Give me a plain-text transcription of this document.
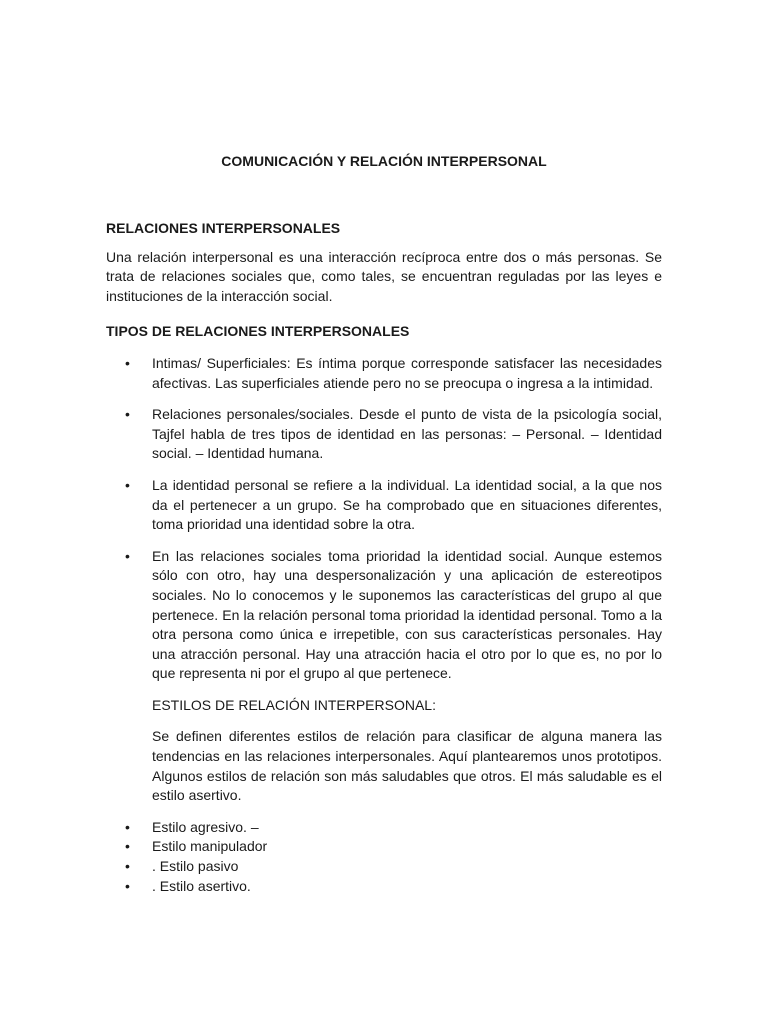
COMUNICACIÓN Y RELACIÓN INTERPERSONAL
RELACIONES INTERPERSONALES

Una relación interpersonal es una interacción recíproca entre dos o más personas. Se trata de relaciones sociales que, como tales, se encuentran reguladas por las leyes e instituciones de la interacción social.

TIPOS DE RELACIONES INTERPERSONALES
• Intimas/ Superficiales: Es íntima porque corresponde satisfacer las necesidades afectivas. Las superficiales atiende pero no se preocupa o ingresa a la intimidad.
• Relaciones personales/sociales. Desde el punto de vista de la psicología social, Tajfel habla de tres tipos de identidad en las personas: – Personal. – Identidad social. – Identidad humana.
• La identidad personal se refiere a la individual. La identidad social, a la que nos da el pertenecer a un grupo. Se ha comprobado que en situaciones diferentes, toma prioridad una identidad sobre la otra.
• En las relaciones sociales toma prioridad la identidad social. Aunque estemos sólo con otro, hay una despersonalización y una aplicación de estereotipos sociales. No lo conocemos y le suponemos las características del grupo al que pertenece. En la relación personal toma prioridad la identidad personal. Tomo a la otra persona como única e irrepetible, con sus características personales. Hay una atracción personal. Hay una atracción hacia el otro por lo que es, no por lo que representa ni por el grupo al que pertenece.

ESTILOS DE RELACIÓN INTERPERSONAL:

Se definen diferentes estilos de relación para clasificar de alguna manera las tendencias en las relaciones interpersonales. Aquí plantearemos unos prototipos. Algunos estilos de relación son más saludables que otros. El más saludable es el estilo asertivo.

• Estilo agresivo. –
• Estilo manipulador
• . Estilo pasivo
• . Estilo asertivo.
